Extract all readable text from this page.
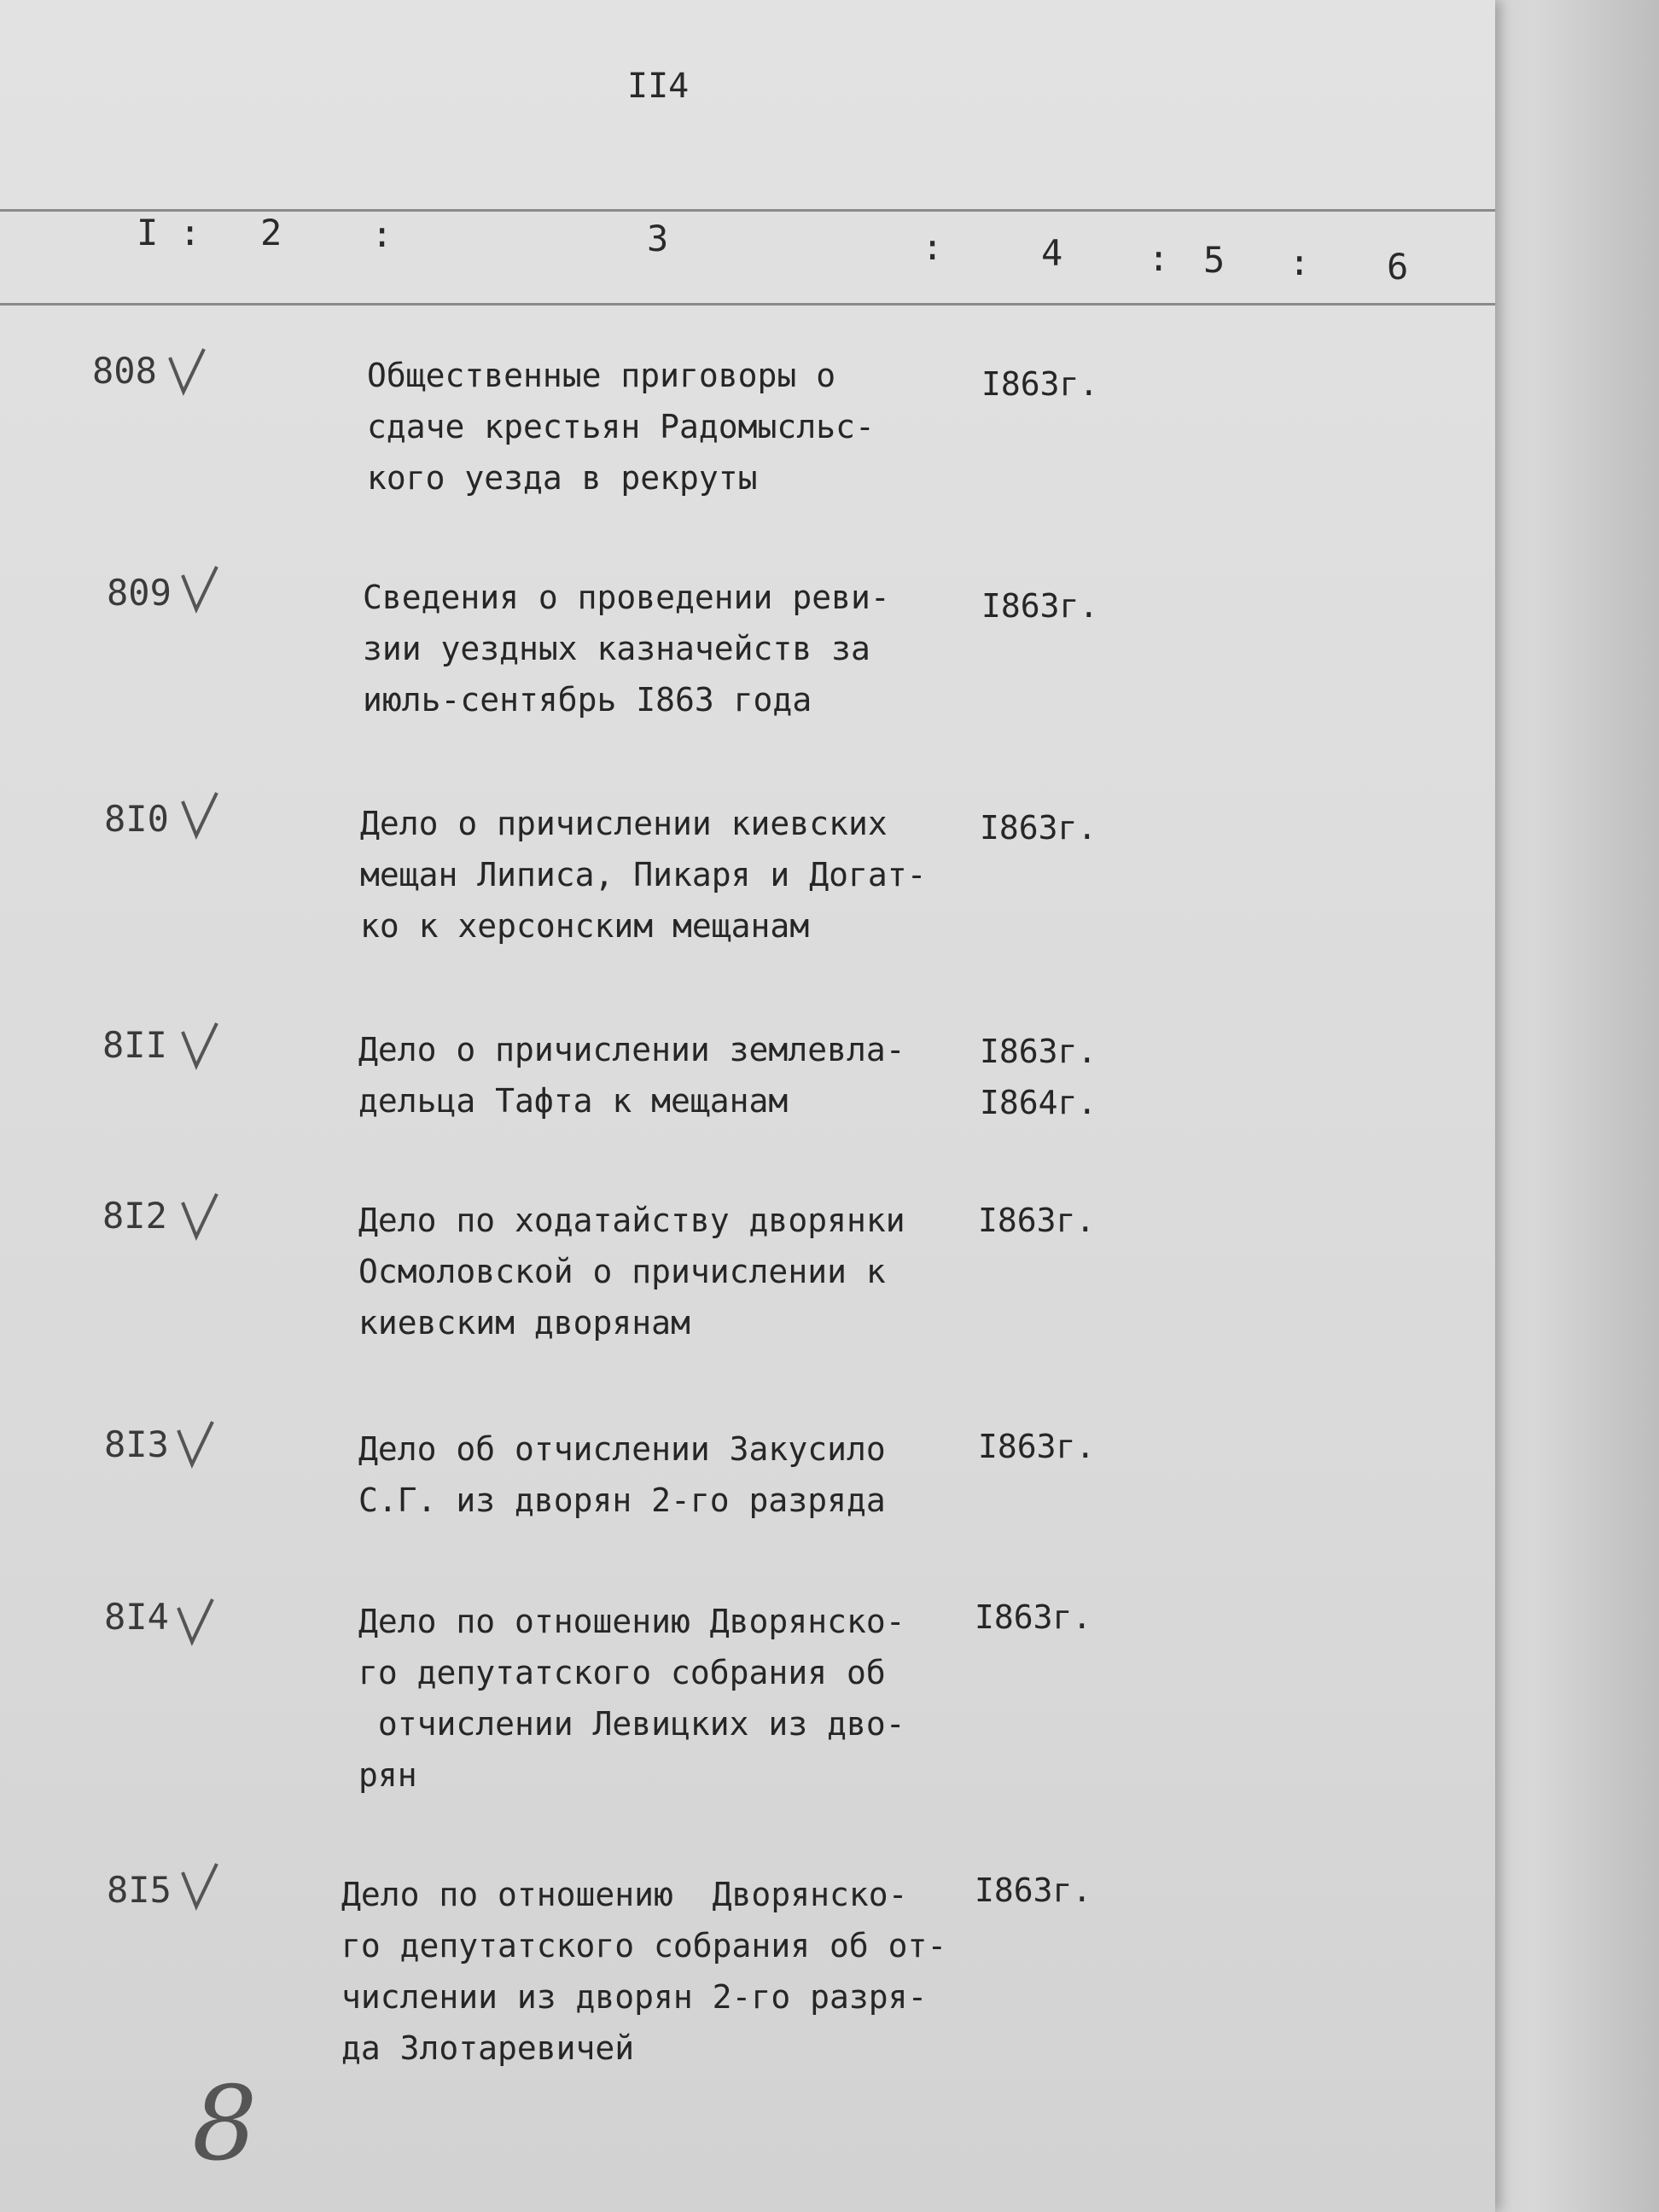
II4
I : 2 :	3	:	4 : 5 : 6
808	Общественные приговоры о
сдаче крестьян Радомысльс-
кого уезда в рекруты
I863г.
809	Сведения о проведении реви-
зии уездных казначейств за
июль-сентябрь I863 года
I863г.
8I0	Дело о причислении киевских
мещан Липиса, Пикаря и Догат-
ко к херсонским мещанам
I863г.
8II	Дело о причислении землевла-
дельца Тафта к мещанам
I863г.
I864г.
8I2	Дело по ходатайству дворянки
Осмоловской о причислении к
киевским дворянам
I863г.
8I3	Дело об отчислении Закусило
С.Г. из дворян 2-го разряда
I863г.
8I4	Дело по отношению Дворянско-
го депутатского собрания об
отчислении Левицких из дво-
рян
I863г.
8I5	Дело по отношению  Дворянско-
го депутатского собрания об от-
числении из дворян 2-го разря-
да Злотаревичей
I863г.
8
